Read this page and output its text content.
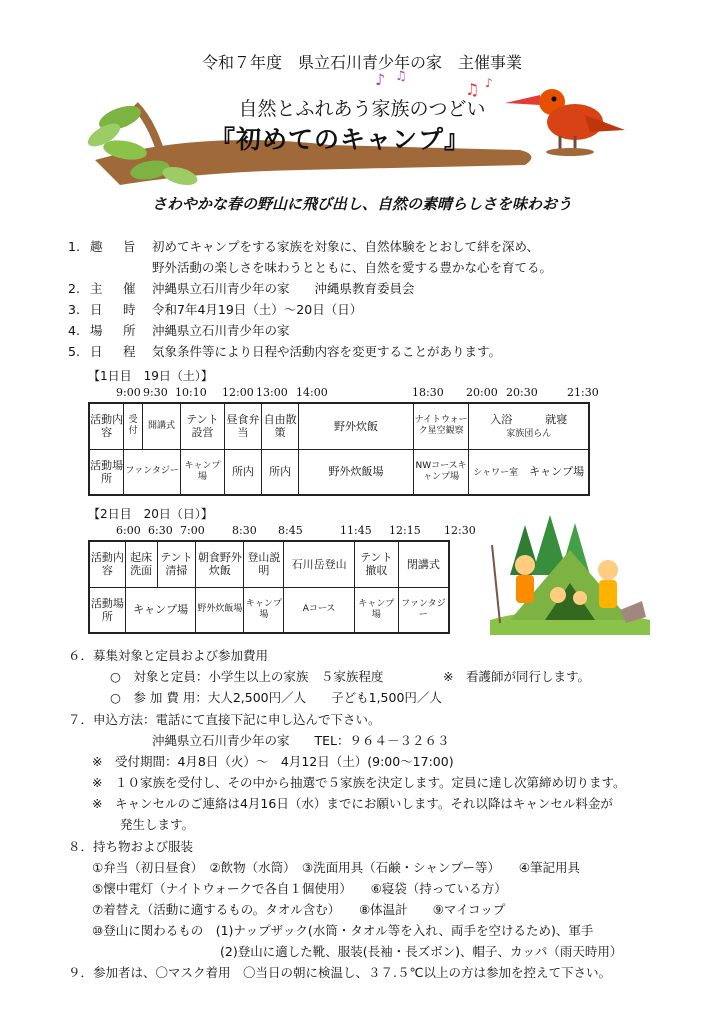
令和７年度　県立石川青少年の家　主催事業
自然とふれあう家族のつどい
♪ ♫
♫ ♪
『初めてのキャンプ』
さわやかな春の野山に飛び出し、自然の素晴らしさを味わおう
1. 趣　旨 初めてキャンプをする家族を対象に、自然体験をとおして絆を深め、
野外活動の楽しさを味わうとともに、自然を愛する豊かな心を育てる。
2. 主　催 沖縄県立石川青少年の家　　沖縄県教育委員会
3. 日　時 令和7年4月19日（土）～20日（日）
4. 場　所 沖縄県立石川青少年の家
5. 日　程 気象条件等により日程や活動内容を変更することがあります。
【1日目　19日（土）】
9:00 9:30 10:10 12:00 13:00 14:00	18:30 20:00 20:30	21:30
活動内容	受付	開講式	テント設営	昼食弁当	自由散策	野外炊飯	ナイトウォーク星空観察	入浴　　　 就寝
家族団らん
活動場所	ファンタジー		キャンプ場	所内	所内	野外炊飯場	NWコースキャンプ場	シャワー室　 キャンプ場
【2日目　20日（日）】
6:00 6:30 7:00 8:30 8:45	11:45 12:15 12:30
活動内容	起床洗面	テント清掃	朝食野外炊飯	登山説明	石川岳登山	テント撤収	閉講式
活動場所	キャンプ場		野外炊飯場	キャンプ場	Aコース	キャンプ場	ファンタジー
６．募集対象と定員および参加費用
○　対象と定員：小学生以上の家族　５家族程度	※　看護師が同行します。
○　参 加 費 用：大人2,500円／人　　子ども1,500円／人
７．申込方法：電話にて直接下記に申し込んで下さい。
沖縄県立石川青少年の家　　TEL：９６４－３２６３
※　受付期間：4月8日（火）～　4月12日（土）(9:00～17:00)
※　１０家族を受付し、その中から抽選で５家族を決定します。定員に達し次第締め切ります。
※　キャンセルのご連絡は4月16日（水）までにお願いします。それ以降はキャンセル料金が
発生します。
８．持ち物および服装
①弁当（初日昼食）　②飲物（水筒）　③洗面用具（石鹸・シャンプー等）　　④筆記用具
⑤懐中電灯（ナイトウォークで各自１個使用）　　⑥寝袋（持っている方）
⑦着替え（活動に適するもの。タオル含む）　　⑧体温計　　⑨マイコップ
⑩登山に関わるもの　(1)ナップザック(水筒・タオル等を入れ、両手を空けるため)、軍手
(2)登山に適した靴、服装(長袖・長ズボン)、帽子、カッパ（雨天時用）
９．参加者は、〇マスク着用　〇当日の朝に検温し、３７.５℃以上の方は参加を控えて下さい。
